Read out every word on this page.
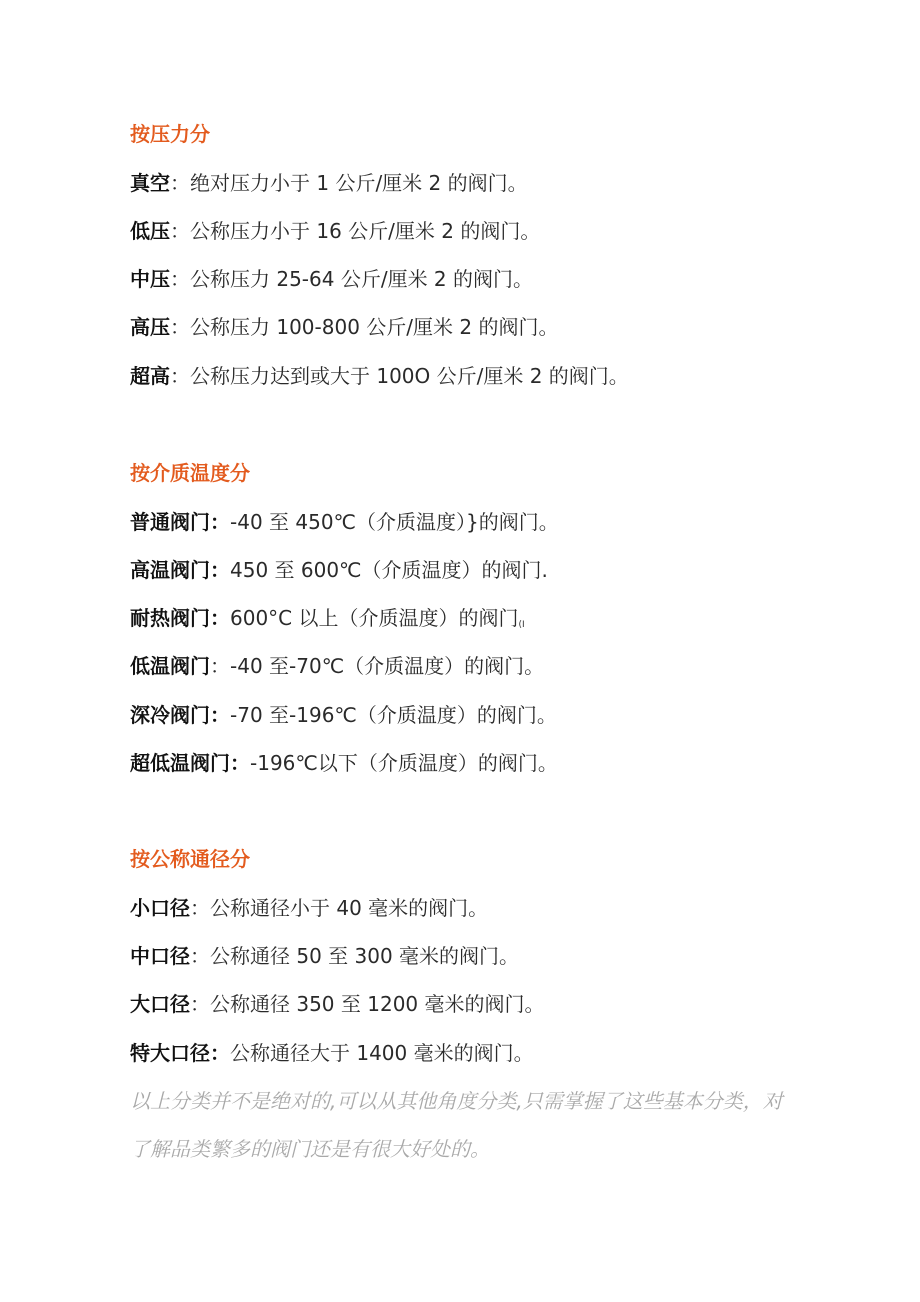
按压力分
真空：绝对压力小于 1 公斤/厘米 2 的阀门。
低压：公称压力小于 16 公斤/厘米 2 的阀门。
中压：公称压力 25-64 公斤/厘米 2 的阀门。
高压：公称压力 100-800 公斤/厘米 2 的阀门。
超高：公称压力达到或大于 100O 公斤/厘米 2 的阀门。
按介质温度分
普通阀门：-40 至 450℃（介质温度）}的阀门。
高温阀门：450 至 600℃（介质温度）的阀门.
耐热阀门：600°C 以上（介质温度）的阀门(I
低温阀门：-40 至-70℃（介质温度）的阀门。
深冷阀门：-70 至-196℃（介质温度）的阀门。
超低温阀门：-196℃以下（介质温度）的阀门。
按公称通径分
小口径：公称通径小于 40 毫米的阀门。
中口径：公称通径 50 至 300 毫米的阀门。
大口径：公称通径 350 至 1200 毫米的阀门。
特大口径：公称通径大于 1400 毫米的阀门。
以上分类并不是绝对的,可以从其他角度分类,只需掌握了这些基本分类，对了解品类繁多的阀门还是有很大好处的。
